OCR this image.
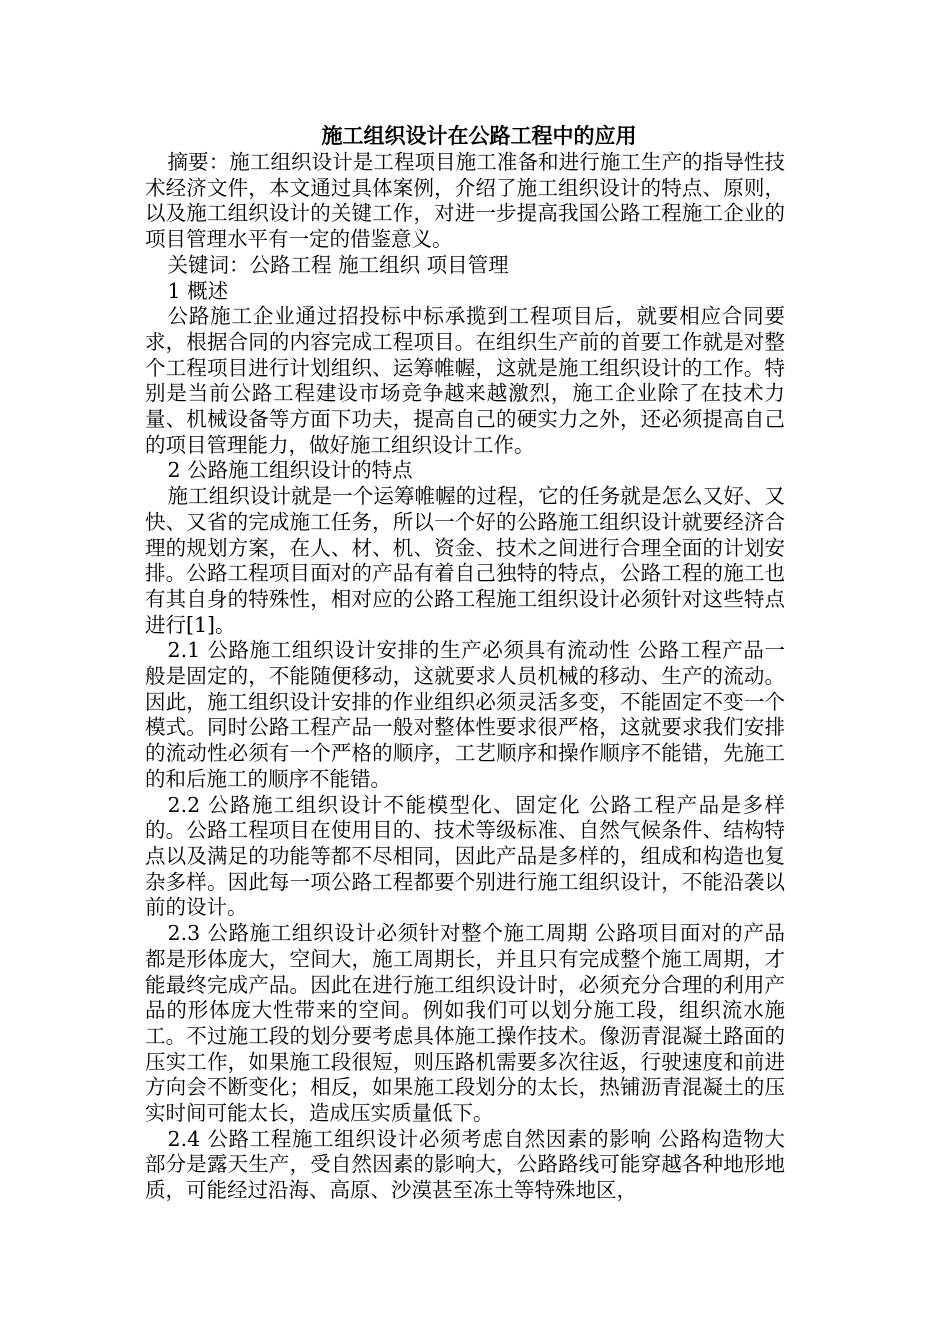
施工组织设计在公路工程中的应用

摘要：施工组织设计是工程项目施工准备和进行施工生产的指导性技术经济文件，本文通过具体案例，介绍了施工组织设计的特点、原则，以及施工组织设计的关键工作，对进一步提高我国公路工程施工企业的项目管理水平有一定的借鉴意义。

关键词：公路工程 施工组织 项目管理

1 概述

公路施工企业通过招投标中标承揽到工程项目后，就要相应合同要求，根据合同的内容完成工程项目。在组织生产前的首要工作就是对整个工程项目进行计划组织、运筹帷幄，这就是施工组织设计的工作。特别是当前公路工程建设市场竞争越来越激烈，施工企业除了在技术力量、机械设备等方面下功夫，提高自己的硬实力之外，还必须提高自己的项目管理能力，做好施工组织设计工作。

2 公路施工组织设计的特点

施工组织设计就是一个运筹帷幄的过程，它的任务就是怎么又好、又快、又省的完成施工任务，所以一个好的公路施工组织设计就要经济合理的规划方案，在人、材、机、资金、技术之间进行合理全面的计划安排。公路工程项目面对的产品有着自己独特的特点，公路工程的施工也有其自身的特殊性，相对应的公路工程施工组织设计必须针对这些特点进行[1]。

2.1 公路施工组织设计安排的生产必须具有流动性 公路工程产品一般是固定的，不能随便移动，这就要求人员机械的移动、生产的流动。因此，施工组织设计安排的作业组织必须灵活多变，不能固定不变一个模式。同时公路工程产品一般对整体性要求很严格，这就要求我们安排的流动性必须有一个严格的顺序，工艺顺序和操作顺序不能错，先施工的和后施工的顺序不能错。

2.2 公路施工组织设计不能模型化、固定化 公路工程产品是多样的。公路工程项目在使用目的、技术等级标准、自然气候条件、结构特点以及满足的功能等都不尽相同，因此产品是多样的，组成和构造也复杂多样。因此每一项公路工程都要个别进行施工组织设计，不能沿袭以前的设计。

2.3 公路施工组织设计必须针对整个施工周期 公路项目面对的产品都是形体庞大，空间大，施工周期长，并且只有完成整个施工周期，才能最终完成产品。因此在进行施工组织设计时，必须充分合理的利用产品的形体庞大性带来的空间。例如我们可以划分施工段，组织流水施工。不过施工段的划分要考虑具体施工操作技术。像沥青混凝土路面的压实工作，如果施工段很短，则压路机需要多次往返，行驶速度和前进方向会不断变化；相反，如果施工段划分的太长，热铺沥青混凝土的压实时间可能太长，造成压实质量低下。

2.4 公路工程施工组织设计必须考虑自然因素的影响 公路构造物大部分是露天生产，受自然因素的影响大，公路路线可能穿越各种地形地质，可能经过沿海、高原、沙漠甚至冻土等特殊地区，
